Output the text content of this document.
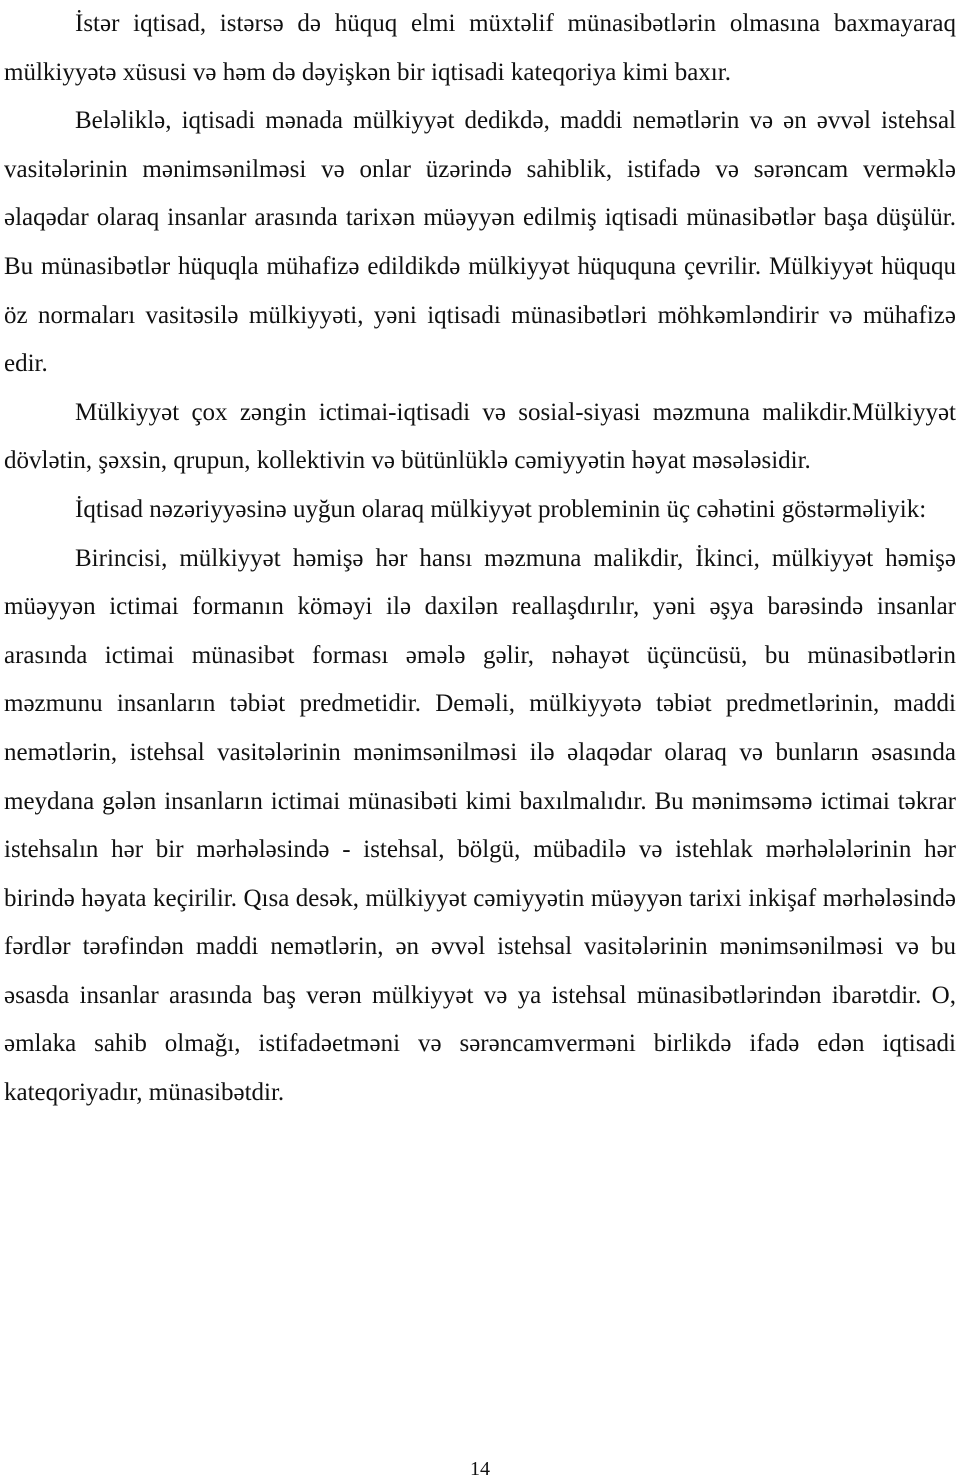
İstər iqtisad, istərsə də hüquq elmi müxtəlif münasibətlərin olmasına baxmayaraq mülkiyyətə xüsusi və həm də dəyişkən bir iqtisadi kateqoriya kimi baxır.

Beləliklə, iqtisadi mənada mülkiyyət dedikdə, maddi nemətlərin və ən əvvəl istehsal vasitələrinin mənimsənilməsi və onlar üzərində sahiblik, istifadə və sərəncam verməklə əlaqədar olaraq insanlar arasında tarixən müəyyən edilmiş iqtisadi münasibətlər başa düşülür. Bu münasibətlər hüquqla mühafizə edildikdə mülkiyyət hüququna çevrilir. Mülkiyyət hüququ öz normaları vasitəsilə mülkiyyəti, yəni iqtisadi münasibətləri möhkəmləndirir və mühafizə edir.

Mülkiyyət çox zəngin ictimai-iqtisadi və sosial-siyasi məzmuna malikdir.Mülkiyyət dövlətin, şəxsin, qrupun, kollektivin və bütünlüklə cəmiyyətin həyat məsələsidir.

İqtisad nəzəriyyəsinə uyğun olaraq mülkiyyət probleminin üç cəhətini göstərməliyik:

Birincisi, mülkiyyət həmişə hər hansı məzmuna malikdir, İkinci, mülkiyyət həmişə müəyyən ictimai formanın köməyi ilə daxilən reallaşdırılır, yəni əşya barəsində insanlar arasında ictimai münasibət forması əmələ gəlir, nəhayət üçüncüsü, bu münasibətlərin məzmunu insanların təbiət predmetidir. Deməli, mülkiyyətə təbiət predmetlərinin, maddi nemətlərin, istehsal vasitələrinin mənimsənilməsi ilə əlaqədar olaraq və bunların əsasında meydana gələn insanların ictimai münasibəti kimi baxılmalıdır. Bu mənimsəmə ictimai təkrar istehsalın hər bir mərhələsində - istehsal, bölgü, mübadilə və istehlak mərhələlərinin hər birində həyata keçirilir. Qısa desək, mülkiyyət cəmiyyətin müəyyən tarixi inkişaf mərhələsində fərdlər tərəfindən maddi nemətlərin, ən əvvəl istehsal vasitələrinin mənimsənilməsi və bu əsasda insanlar arasında baş verən mülkiyyət və ya istehsal münasibətlərindən ibarətdir. O, əmlaka sahib olmağı, istifadəetməni və sərəncamverməni birlikdə ifadə edən iqtisadi kateqoriyadır, münasibətdir.

14
